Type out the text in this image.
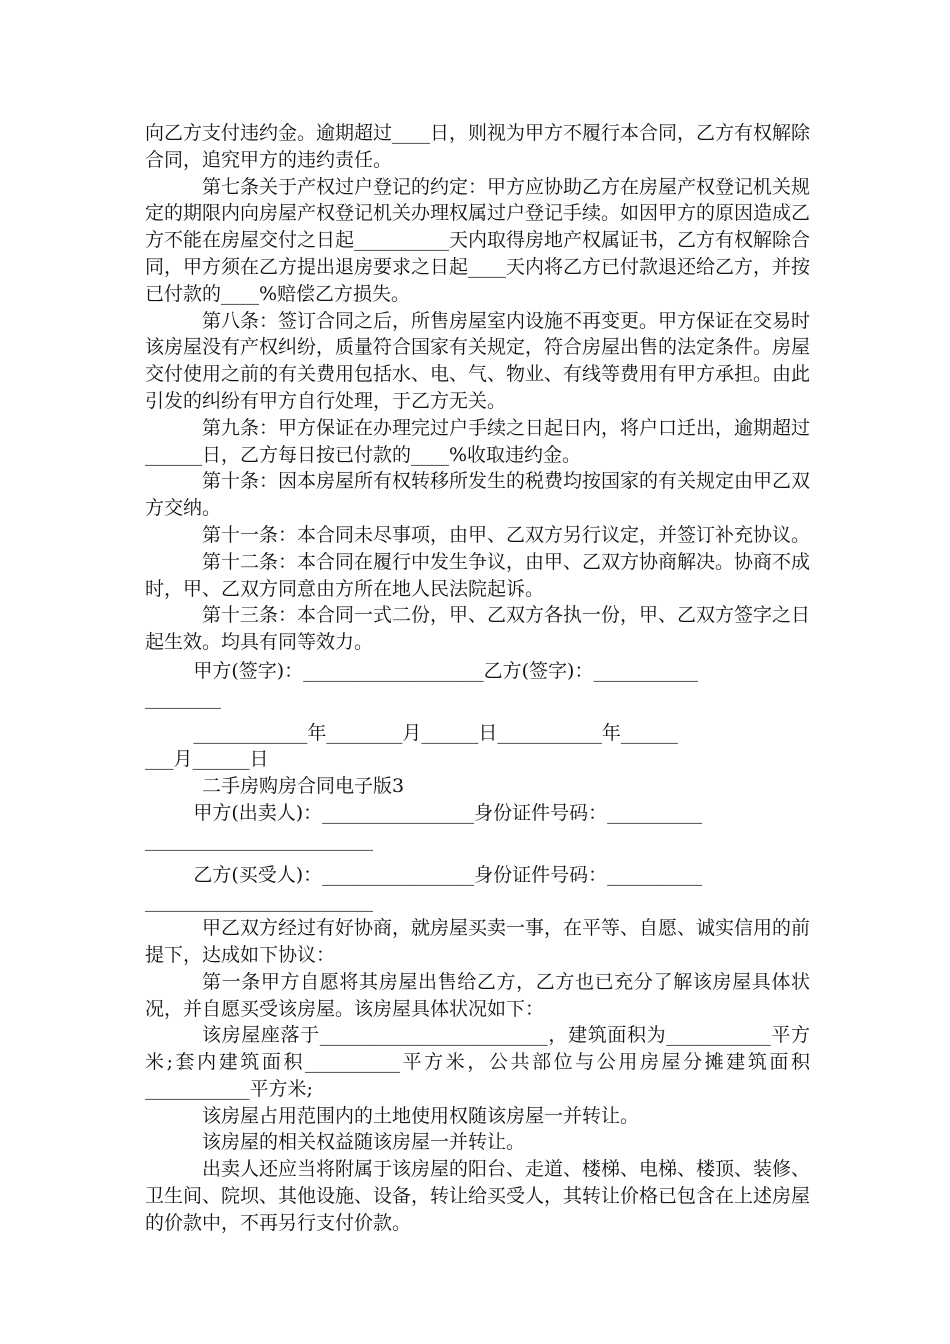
向乙方支付违约金。逾期超过____日，则视为甲方不履行本合同，乙方有权解除合同，追究甲方的违约责任。

第七条关于产权过户登记的约定：甲方应协助乙方在房屋产权登记机关规定的期限内向房屋产权登记机关办理权属过户登记手续。如因甲方的原因造成乙方不能在房屋交付之日起__________天内取得房地产权属证书，乙方有权解除合同，甲方须在乙方提出退房要求之日起____天内将乙方已付款退还给乙方，并按已付款的____%赔偿乙方损失。

第八条：签订合同之后，所售房屋室内设施不再变更。甲方保证在交易时该房屋没有产权纠纷，质量符合国家有关规定，符合房屋出售的法定条件。房屋交付使用之前的有关费用包括水、电、气、物业、有线等费用有甲方承担。由此引发的纠纷有甲方自行处理，于乙方无关。

第九条：甲方保证在办理完过户手续之日起日内，将户口迁出，逾期超过______日，乙方每日按已付款的____%收取违约金。

第十条：因本房屋所有权转移所发生的税费均按国家的有关规定由甲乙双方交纳。

第十一条：本合同未尽事项，由甲、乙双方另行议定，并签订补充协议。

第十二条：本合同在履行中发生争议，由甲、乙双方协商解决。协商不成时，甲、乙双方同意由方所在地人民法院起诉。

第十三条：本合同一式二份，甲、乙双方各执一份，甲、乙双方签字之日起生效。均具有同等效力。

甲方(签字)：___________________乙方(签字)：___________

________

____________年________月______日___________年______

___月______日

二手房购房合同电子版3

甲方(出卖人)：________________身份证件号码：__________

________________________

乙方(买受人)：________________身份证件号码：__________

________________________

甲乙双方经过有好协商，就房屋买卖一事，在平等、自愿、诚实信用的前提下，达成如下协议：

第一条甲方自愿将其房屋出售给乙方，乙方也已充分了解该房屋具体状况，并自愿买受该房屋。该房屋具体状况如下：

该房屋座落于________________________，建筑面积为___________平方米;套内建筑面积__________平方米，公共部位与公用房屋分摊建筑面积___________平方米;

该房屋占用范围内的土地使用权随该房屋一并转让。

该房屋的相关权益随该房屋一并转让。

出卖人还应当将附属于该房屋的阳台、走道、楼梯、电梯、楼顶、装修、卫生间、院坝、其他设施、设备，转让给买受人，其转让价格已包含在上述房屋的价款中，不再另行支付价款。
